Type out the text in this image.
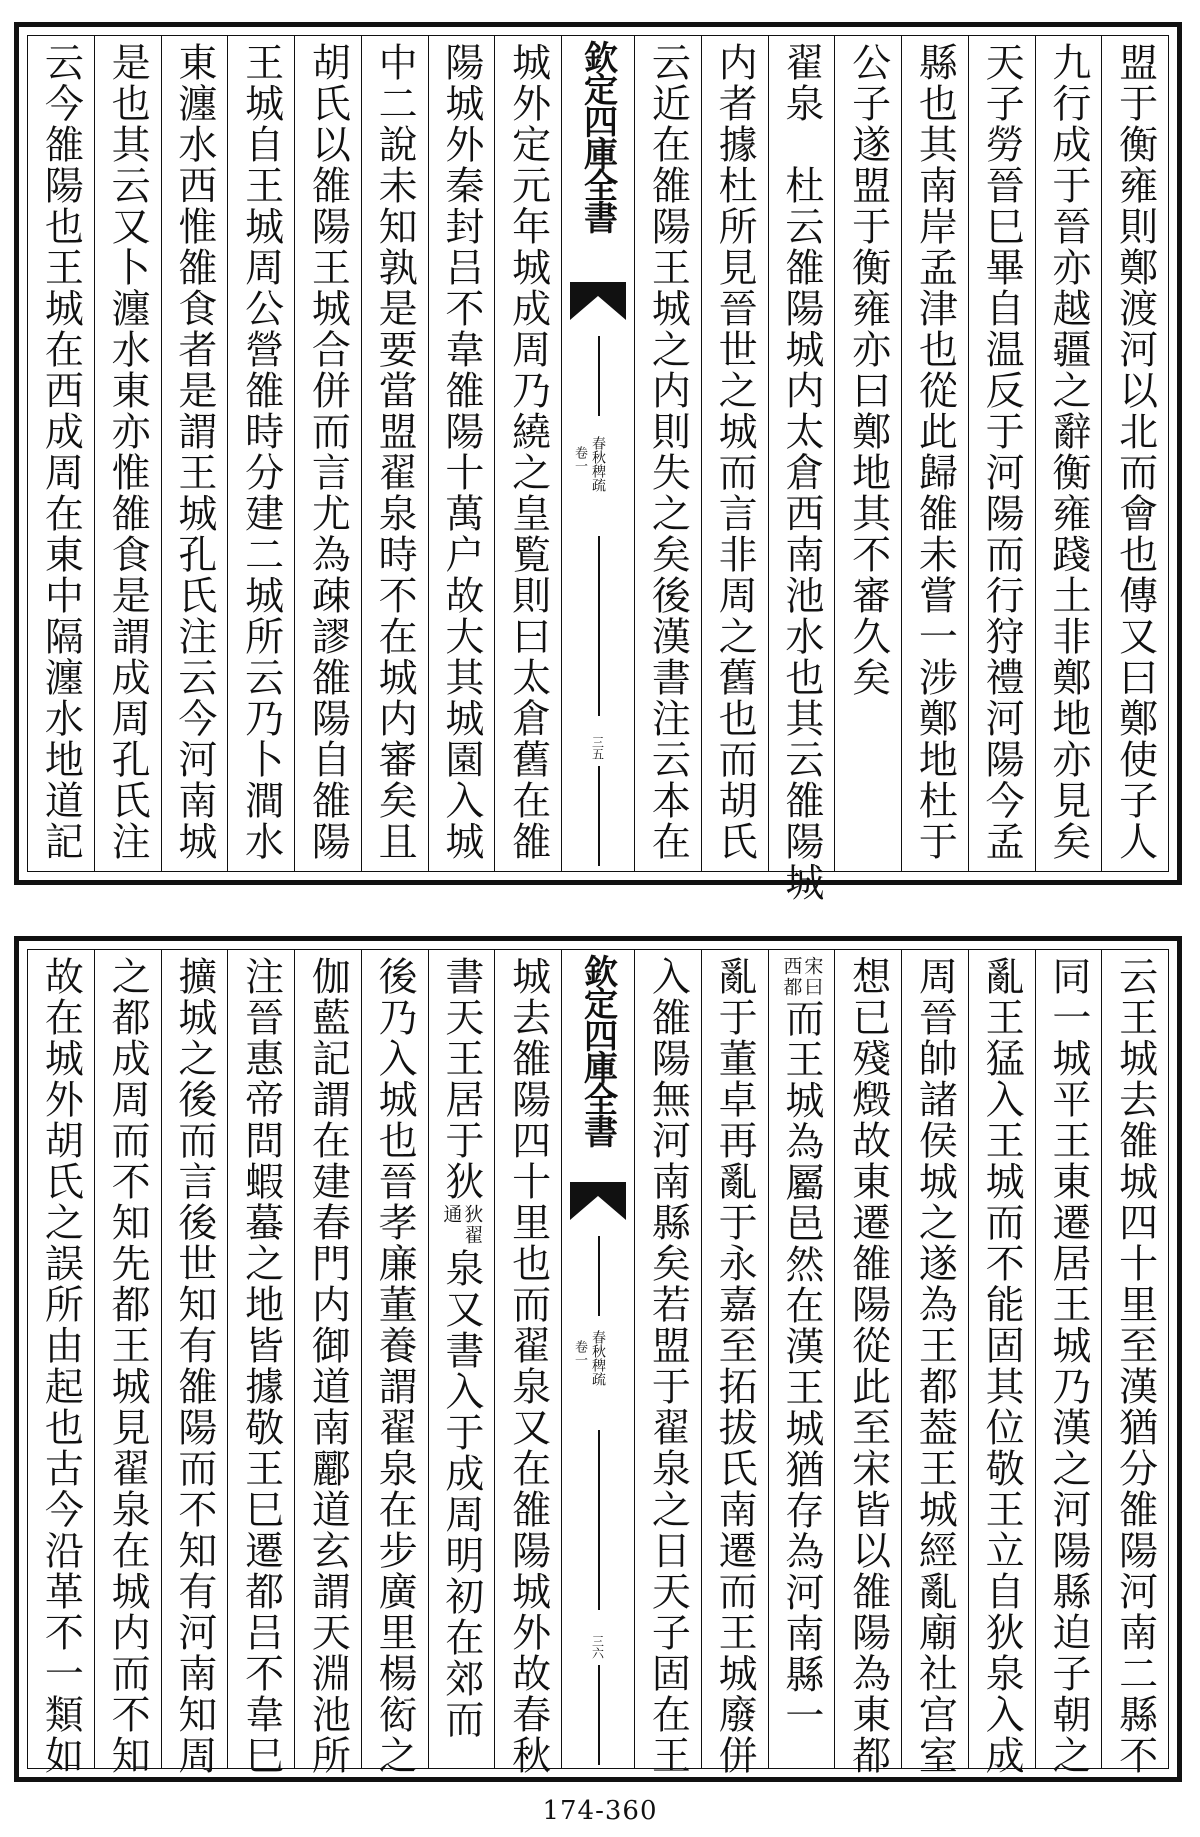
盟于衡雍則鄭渡河以北而會也傳又曰鄭使子人
九行成于晉亦越疆之辭衡雍踐土非鄭地亦見矣
天子勞晉巳畢自温反于河陽而行狩禮河陽今孟
縣也其南岸孟津也從此歸雒未嘗一涉鄭地杜于
公子遂盟于衡雍亦曰鄭地其不審久矣
翟泉　杜云雒陽城内太倉西南池水也其云雒陽城
内者據杜所見晉世之城而言非周之舊也而胡氏
云近在雒陽王城之内則失之矣後漢書注云本在
欽定四庫全書
春秋稗疏
卷一
三五
城外定元年城成周乃繞之皇覧則曰太倉舊在雒
陽城外秦封吕不韋雒陽十萬户故大其城園入城
中二說未知孰是要當盟翟泉時不在城内審矣且
胡氏以雒陽王城合併而言尤為疎謬雒陽自雒陽
王城自王城周公營雒時分建二城所云乃卜澗水
東瀍水西惟雒食者是謂王城孔氏注云今河南城
是也其云又卜瀍水東亦惟雒食是謂成周孔氏注
云今雒陽也王城在西成周在東中隔瀍水地道記
云王城去雒城四十里至漢猶分雒陽河南二縣不
同一城平王東遷居王城乃漢之河陽縣迫子朝之
亂王猛入王城而不能固其位敬王立自狄泉入成
周晉帥諸侯城之遂為王都葢王城經亂廟社宫室
想已殘燬故東遷雒陽從此至宋皆以雒陽為東都
宋曰
西都
而王城為屬邑然在漢王城猶存為河南縣一
亂于董卓再亂于永嘉至拓拔氏南遷而王城廢併
入雒陽無河南縣矣若盟于翟泉之日天子固在王
欽定四庫全書
春秋稗疏
卷一
三六
城去雒陽四十里也而翟泉又在雒陽城外故春秋
書天王居于狄
狄翟
通
泉又書入于成周明初在郊而
後乃入城也晉孝廉董養謂翟泉在步廣里楊衒之
伽藍記謂在建春門内御道南酈道玄謂天淵池所
注晉惠帝問蝦蟇之地皆據敬王巳遷都吕不韋巳
擴城之後而言後世知有雒陽而不知有河南知周
之都成周而不知先都王城見翟泉在城内而不知
故在城外胡氏之誤所由起也古今沿革不一類如
174-360
